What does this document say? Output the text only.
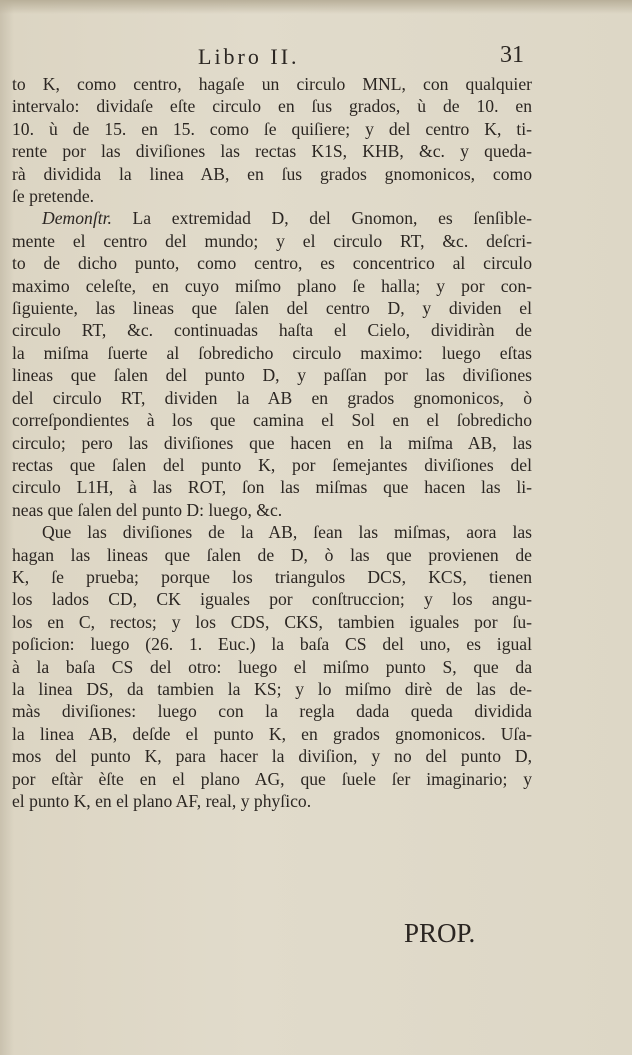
Libro II.	31
to K, como centro, hagaſe un circulo MNL, con qualquier
intervalo: dividaſe eſte circulo en ſus grados, ù de 10. en
10. ù de 15. en 15. como ſe quiſiere; y del centro K, ti-
rente por las diviſiones las rectas K1S, KHB, &c. y queda-
rà dividida la linea AB, en ſus grados gnomonicos, como
ſe pretende.
Demonſtr. La extremidad D, del Gnomon, es ſenſible-
mente el centro del mundo; y el circulo RT, &c. deſcri-
to de dicho punto, como centro, es concentrico al circulo
maximo celeſte, en cuyo miſmo plano ſe halla; y por con-
ſiguiente, las lineas que ſalen del centro D, y dividen el
circulo RT, &c. continuadas haſta el Cielo, dividiràn de
la miſma ſuerte al ſobredicho circulo maximo: luego eſtas
lineas que ſalen del punto D, y paſſan por las diviſiones
del circulo RT, dividen la AB en grados gnomonicos, ò
correſpondientes à los que camina el Sol en el ſobredicho
circulo; pero las diviſiones que hacen en la miſma AB, las
rectas que ſalen del punto K, por ſemejantes diviſiones del
circulo L1H, à las ROT, ſon las miſmas que hacen las li-
neas que ſalen del punto D: luego, &c.
Que las diviſiones de la AB, ſean las miſmas, aora las
hagan las lineas que ſalen de D, ò las que provienen de
K, ſe prueba; porque los triangulos DCS, KCS, tienen
los lados CD, CK iguales por conſtruccion; y los angu-
los en C, rectos; y los CDS, CKS, tambien iguales por ſu-
poſicion: luego (26. 1. Euc.) la baſa CS del uno, es igual
à la baſa CS del otro: luego el miſmo punto S, que da
la linea DS, da tambien la KS; y lo miſmo dirè de las de-
màs diviſiones: luego con la regla dada queda dividida
la linea AB, deſde el punto K, en grados gnomonicos. Uſa-
mos del punto K, para hacer la diviſion, y no del punto D,
por eſtàr èſte en el plano AG, que ſuele ſer imaginario; y
el punto K, en el plano AF, real, y phyſico.
PROP.
